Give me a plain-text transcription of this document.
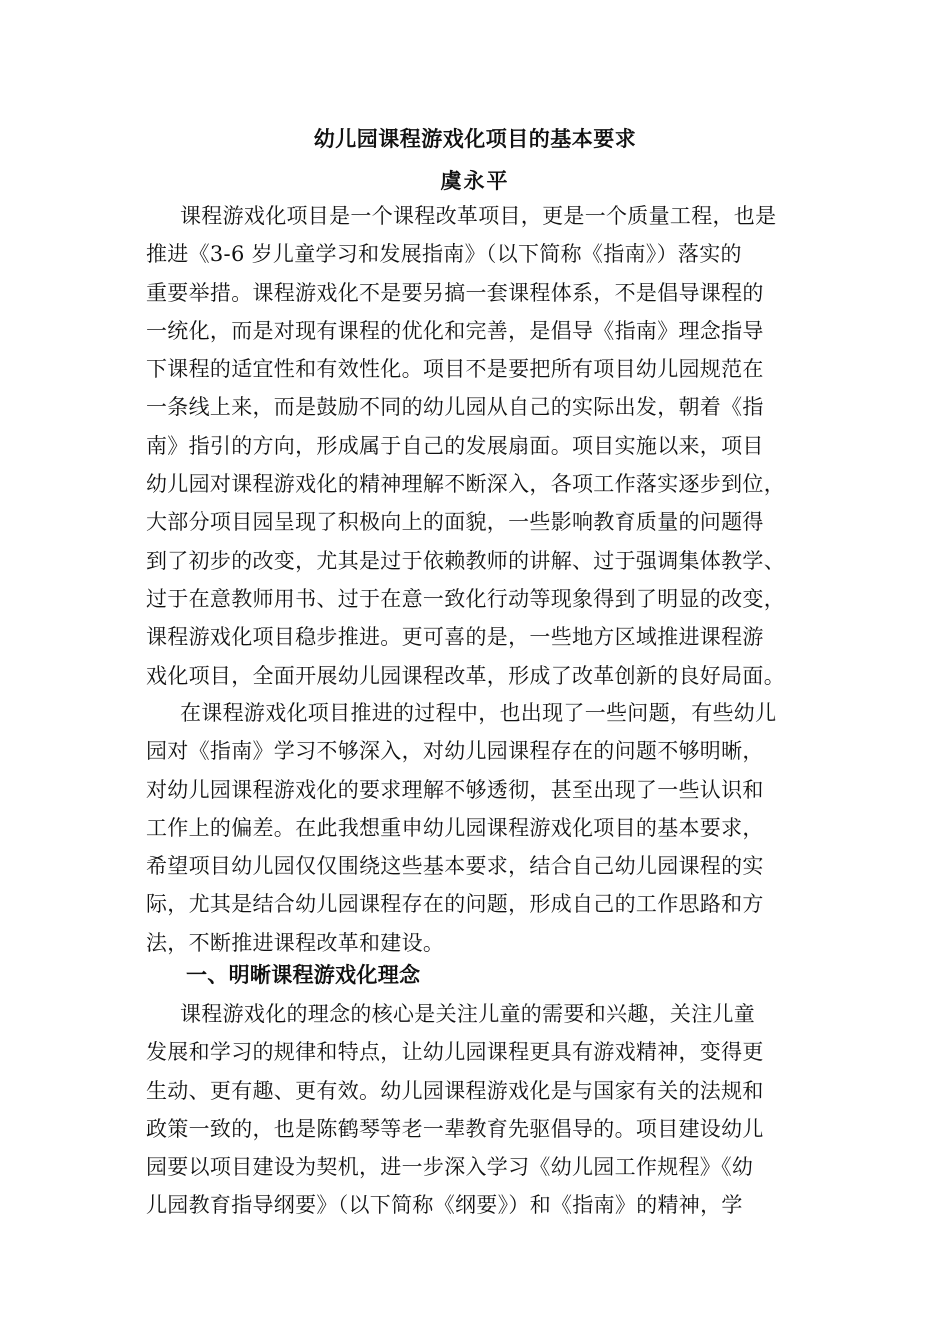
幼儿园课程游戏化项目的基本要求
虞永平
课程游戏化项目是一个课程改革项目，更是一个质量工程，也是
推进《3-6 岁儿童学习和发展指南》（以下简称《指南》）落实的
重要举措。课程游戏化不是要另搞一套课程体系，不是倡导课程的
一统化，而是对现有课程的优化和完善，是倡导《指南》理念指导
下课程的适宜性和有效性化。项目不是要把所有项目幼儿园规范在
一条线上来，而是鼓励不同的幼儿园从自己的实际出发，朝着《指
南》指引的方向，形成属于自己的发展扇面。项目实施以来，项目
幼儿园对课程游戏化的精神理解不断深入，各项工作落实逐步到位，
大部分项目园呈现了积极向上的面貌，一些影响教育质量的问题得
到了初步的改变，尤其是过于依赖教师的讲解、过于强调集体教学、
过于在意教师用书、过于在意一致化行动等现象得到了明显的改变，
课程游戏化项目稳步推进。更可喜的是，一些地方区域推进课程游
戏化项目，全面开展幼儿园课程改革，形成了改革创新的良好局面。
在课程游戏化项目推进的过程中，也出现了一些问题，有些幼儿
园对《指南》学习不够深入，对幼儿园课程存在的问题不够明晰，
对幼儿园课程游戏化的要求理解不够透彻，甚至出现了一些认识和
工作上的偏差。在此我想重申幼儿园课程游戏化项目的基本要求，
希望项目幼儿园仅仅围绕这些基本要求，结合自己幼儿园课程的实
际，尤其是结合幼儿园课程存在的问题，形成自己的工作思路和方
法，不断推进课程改革和建设。
一、明晰课程游戏化理念
课程游戏化的理念的核心是关注儿童的需要和兴趣，关注儿童
发展和学习的规律和特点，让幼儿园课程更具有游戏精神，变得更
生动、更有趣、更有效。幼儿园课程游戏化是与国家有关的法规和
政策一致的，也是陈鹤琴等老一辈教育先驱倡导的。项目建设幼儿
园要以项目建设为契机，进一步深入学习《幼儿园工作规程》《幼
儿园教育指导纲要》（以下简称《纲要》）和《指南》的精神，学
